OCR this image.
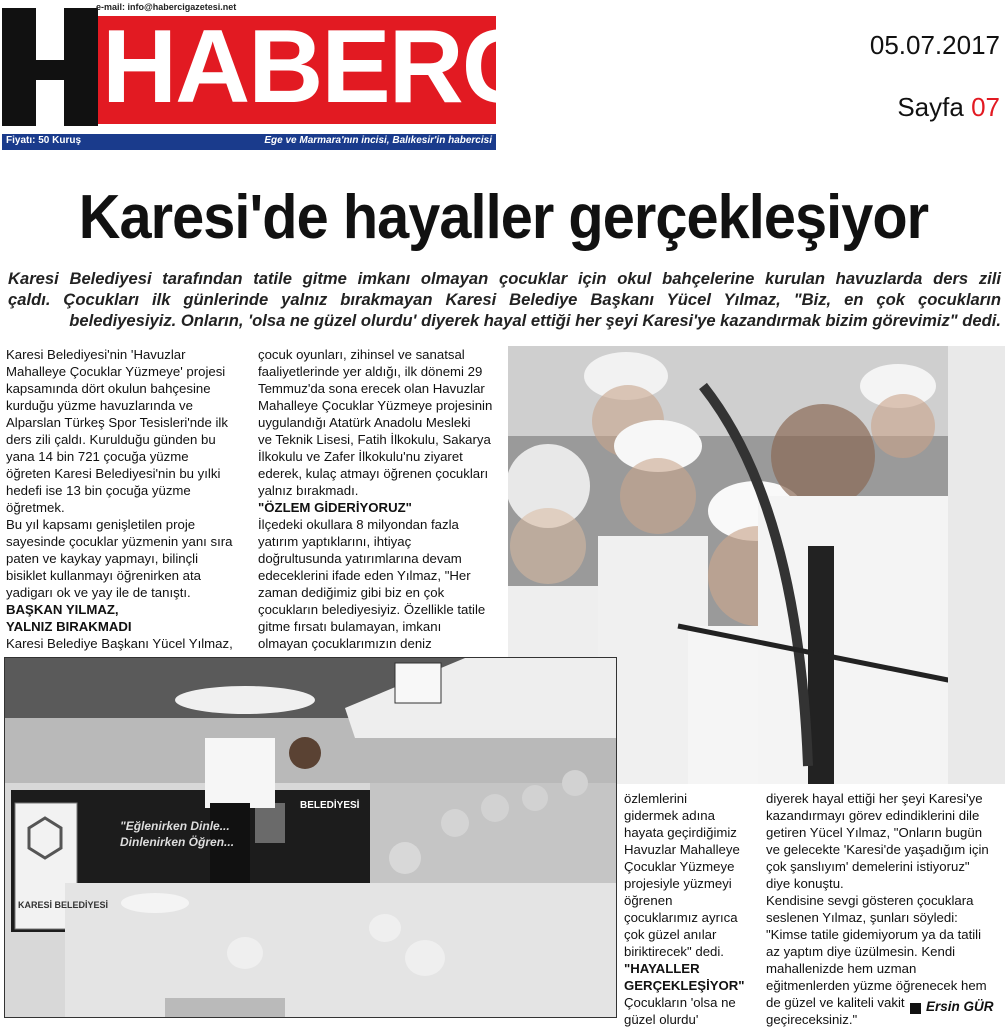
HABERCİ
e-mail: info@habercigazetesi.net
Fiyatı: 50 Kuruş	Ege ve Marmara'nın incisi, Balıkesir'in habercisi
05.07.2017
Sayfa 07
Karesi'de hayaller gerçekleşiyor
Karesi Belediyesi tarafından tatile gitme imkanı olmayan çocuklar için okul bahçelerine kurulan havuzlarda ders zili
çaldı. Çocukları ilk günlerinde yalnız bırakmayan Karesi Belediye Başkanı Yücel Yılmaz, "Biz, en çok çocukların
belediyesiyiz. Onların, 'olsa ne güzel olurdu' diyerek hayal ettiği her şeyi Karesi'ye kazandırmak bizim görevimiz" dedi.
Karesi Belediyesi'nin 'Havuzlar
Mahalleye Çocuklar Yüzmeye' projesi
kapsamında dört okulun bahçesine
kurduğu yüzme havuzlarında ve
Alparslan Türkeş Spor Tesisleri'nde ilk
ders zili çaldı. Kurulduğu günden bu
yana 14 bin 721 çocuğa yüzme
öğreten Karesi Belediyesi'nin bu yılki
hedefi ise 13 bin çocuğa yüzme
öğretmek.
Bu yıl kapsamı genişletilen proje
sayesinde çocuklar yüzmenin yanı sıra
paten ve kaykay yapmayı, bilinçli
bisiklet kullanmayı öğrenirken ata
yadigarı ok ve yay ile de tanıştı.
BAŞKAN YILMAZ,
YALNIZ BIRAKMADI
Karesi Belediye Başkanı Yücel Yılmaz,
çocuk oyunları, zihinsel ve sanatsal
faaliyetlerinde yer aldığı, ilk dönemi 29
Temmuz'da sona erecek olan Havuzlar
Mahalleye Çocuklar Yüzmeye projesinin
uygulandığı Atatürk Anadolu Mesleki
ve Teknik Lisesi, Fatih İlkokulu, Sakarya
İlkokulu ve Zafer İlkokulu'nu ziyaret
ederek, kulaç atmayı öğrenen çocukları
yalnız bırakmadı.
"ÖZLEM GİDERİYORUZ"
İlçedeki okullara 8 milyondan fazla
yatırım yaptıklarını, ihtiyaç
doğrultusunda yatırımlarına devam
edeceklerini ifade eden Yılmaz, "Her
zaman dediğimiz gibi biz en çok
çocukların belediyesiyiz. Özellikle tatile
gitme fırsatı bulamayan, imkanı
olmayan çocuklarımızın deniz
"Eğlenirken Dinle...
Dinlenirken Öğren...
BELEDİYESİ
KARESİ BELEDİYESİ
özlemlerini
gidermek adına
hayata geçirdiğimiz
Havuzlar Mahalleye
Çocuklar Yüzmeye
projesiyle yüzmeyi
öğrenen
çocuklarımız ayrıca
çok güzel anılar
biriktirecek" dedi.
"HAYALLER
GERÇEKLEŞİYOR"
Çocukların 'olsa ne
güzel olurdu'
diyerek hayal ettiği her şeyi Karesi'ye
kazandırmayı görev edindiklerini dile
getiren Yücel Yılmaz, "Onların bugün
ve gelecekte 'Karesi'de yaşadığım için
çok şanslıyım' demelerini istiyoruz"
diye konuştu.
Kendisine sevgi gösteren çocuklara
seslenen Yılmaz, şunları söyledi:
"Kimse tatile gidemiyorum ya da tatili
az yaptım diye üzülmesin. Kendi
mahallenizde hem uzman
eğitmenlerden yüzme öğrenecek hem
de güzel ve kaliteli vakit
geçireceksiniz."
Ersin GÜR
